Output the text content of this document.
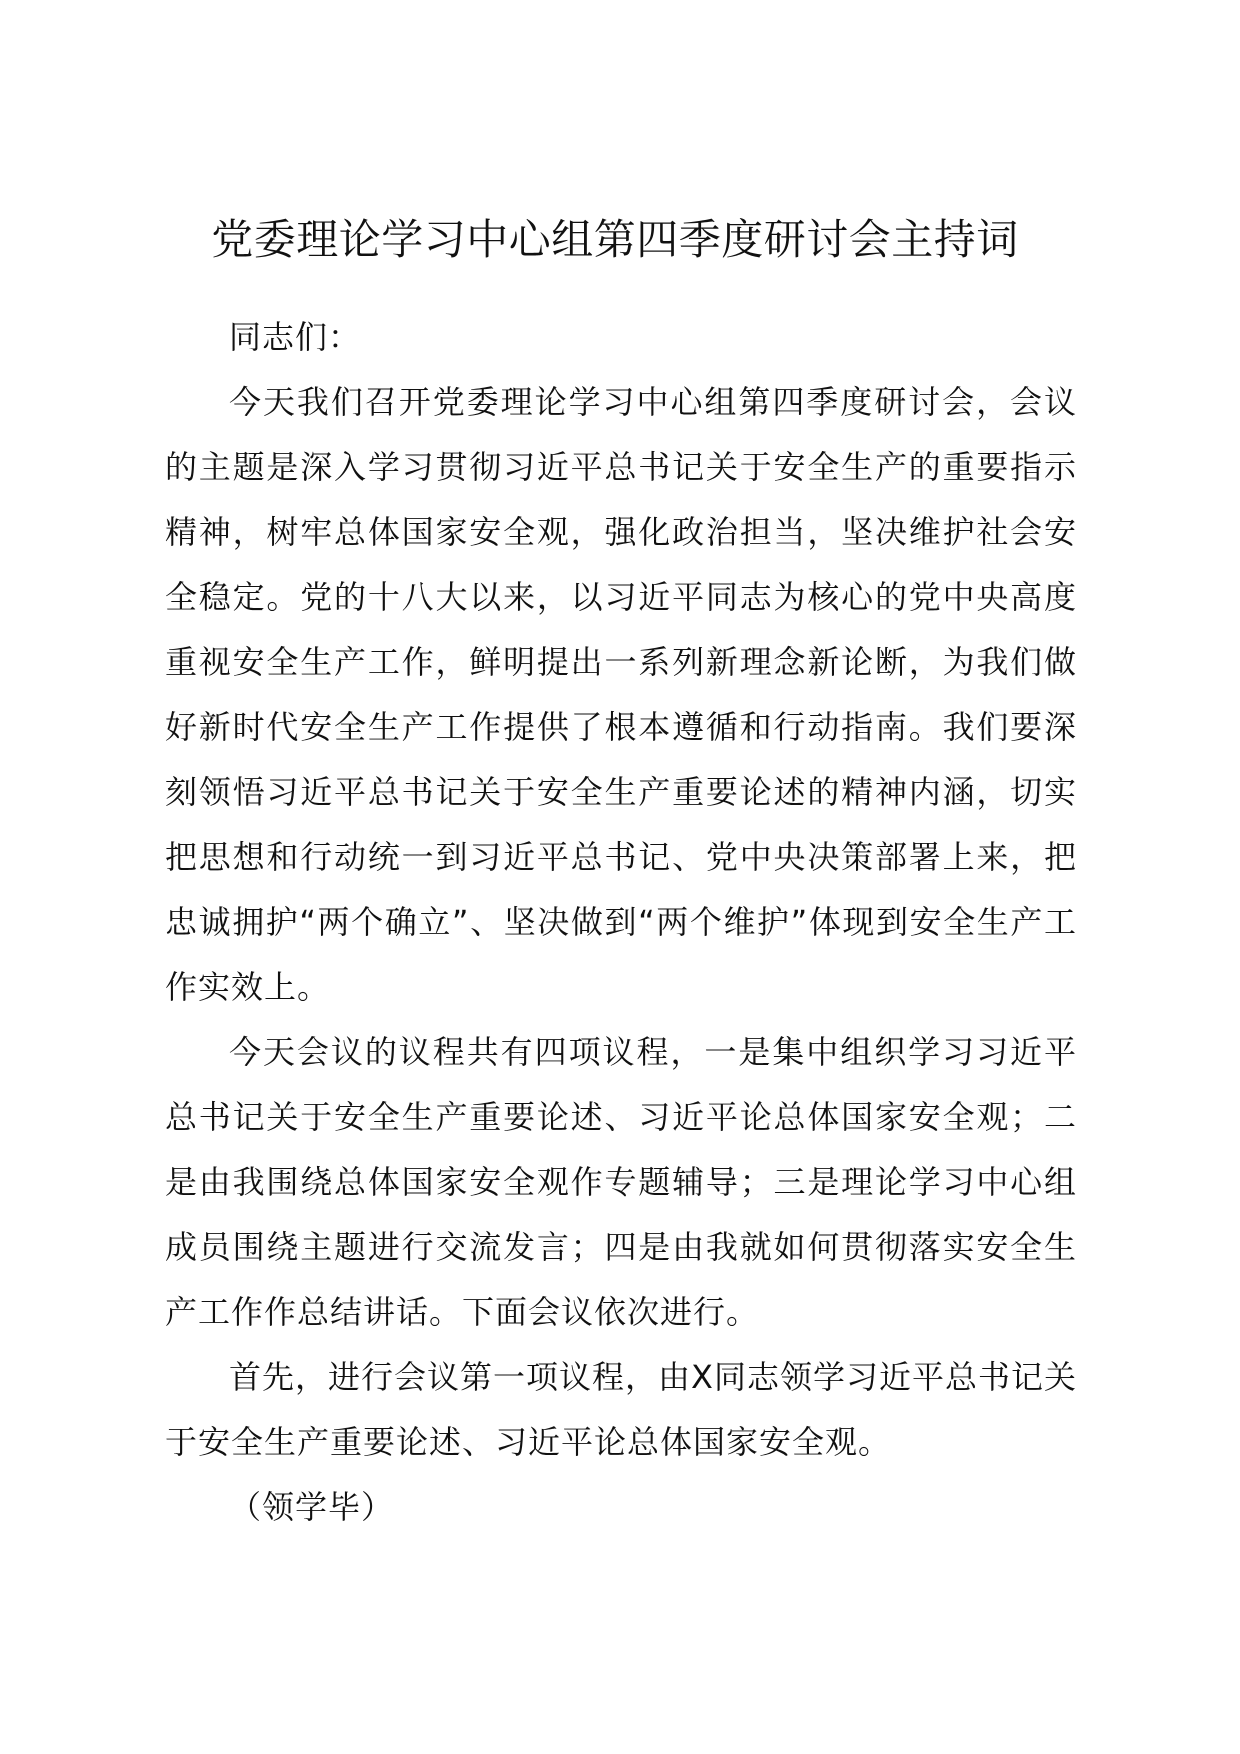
党委理论学习中心组第四季度研讨会主持词

同志们：

今天我们召开党委理论学习中心组第四季度研讨会，会议的主题是深入学习贯彻习近平总书记关于安全生产的重要指示精神，树牢总体国家安全观，强化政治担当，坚决维护社会安全稳定。党的十八大以来，以习近平同志为核心的党中央高度重视安全生产工作，鲜明提出一系列新理念新论断，为我们做好新时代安全生产工作提供了根本遵循和行动指南。我们要深刻领悟习近平总书记关于安全生产重要论述的精神内涵，切实把思想和行动统一到习近平总书记、党中央决策部署上来，把忠诚拥护“两个确立”、坚决做到“两个维护”体现到安全生产工作实效上。

今天会议的议程共有四项议程，一是集中组织学习习近平总书记关于安全生产重要论述、习近平论总体国家安全观；二是由我围绕总体国家安全观作专题辅导；三是理论学习中心组成员围绕主题进行交流发言；四是由我就如何贯彻落实安全生产工作作总结讲话。下面会议依次进行。

首先，进行会议第一项议程，由X同志领学习近平总书记关于安全生产重要论述、习近平论总体国家安全观。

（领学毕）
